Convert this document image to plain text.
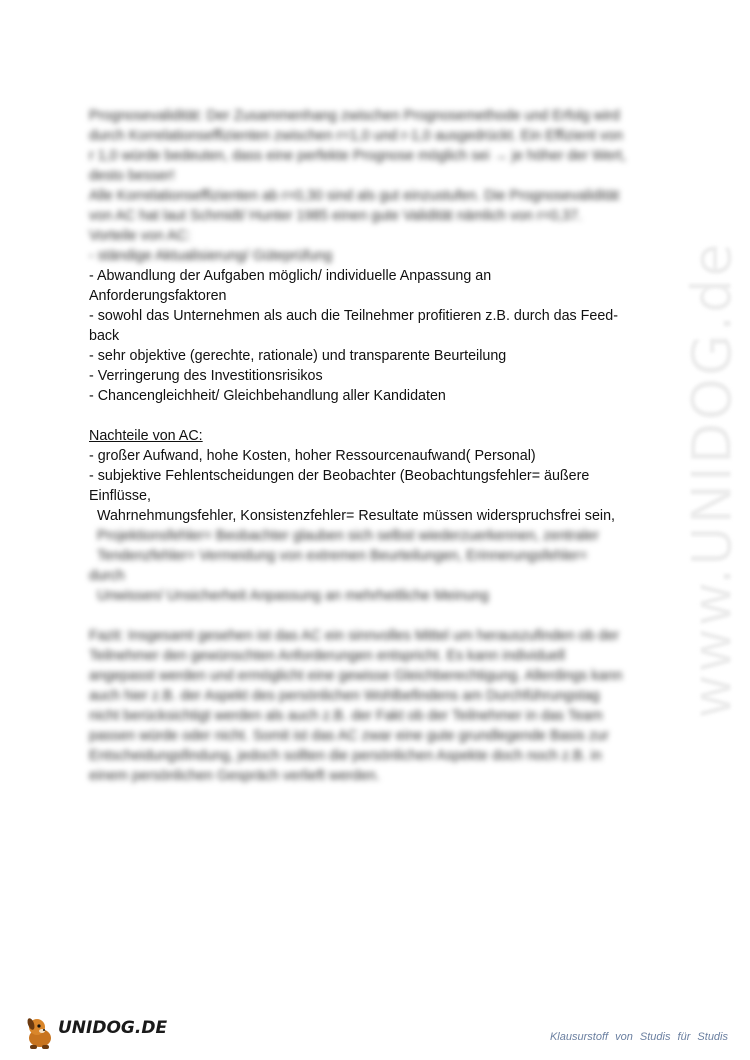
www.UNIDOG.de
Prognosevalidität: Der Zusammenhang zwischen Prognosemethode und Erfolg wird
durch Korrelationseffizienten zwischen r=1,0 und r-1,0 ausgedrückt. Ein Effizient von
r 1,0 würde bedeuten, dass eine perfekte Prognose möglich sei → je höher der Wert,
desto besser!
Alle Korrelationseffizienten ab r=0,30 sind als gut einzustufen. Die Prognosevalidität
von AC hat laut Schmidt/ Hunter 1985 einen gute Validität nämlich von r=0,37.
Vorteile von AC:
- ständige Aktualisierung/ Güteprüfung
- Abwandlung der Aufgaben möglich/ individuelle Anpassung an
Anforderungsfaktoren
- sowohl das Unternehmen als auch die Teilnehmer profitieren z.B. durch das Feed-
back
- sehr objektive (gerechte, rationale) und transparente Beurteilung
- Verringerung des Investitionsrisikos
- Chancengleichheit/ Gleichbehandlung aller Kandidaten
Nachteile von AC:
- großer Aufwand, hohe Kosten, hoher Ressourcenaufwand( Personal)
- subjektive Fehlentscheidungen der Beobachter (Beobachtungsfehler= äußere
Einflüsse,
Wahrnehmungsfehler, Konsistenzfehler= Resultate müssen widerspruchsfrei sein,
Projektionsfehler= Beobachter glauben sich selbst wiederzuerkennen, zentraler
Tendenzfehler= Vermeidung von extremen Beurteilungen, Erinnerungsfehler=
durch
Unwissen/ Unsicherheit Anpassung an mehrheitliche Meinung
Fazit: Insgesamt gesehen ist das AC ein sinnvolles Mittel um herauszufinden ob der
Teilnehmer den gewünschten Anforderungen entspricht. Es kann individuell
angepasst werden und ermöglicht eine gewisse Gleichberechtigung. Allerdings kann
auch hier z.B. der Aspekt des persönlichen Wohlbefindens am Durchführungstag
nicht berücksichtigt werden als auch z.B. der Fakt ob der Teilnehmer in das Team
passen würde oder nicht. Somit ist das AC zwar eine gute grundlegende Basis zur
Entscheidungsfindung, jedoch sollten die persönlichen Aspekte doch noch z.B. in
einem persönlichen Gespräch verlieft werden.
UNIDOG.DE	Klausurstoff von Studis für Studis
